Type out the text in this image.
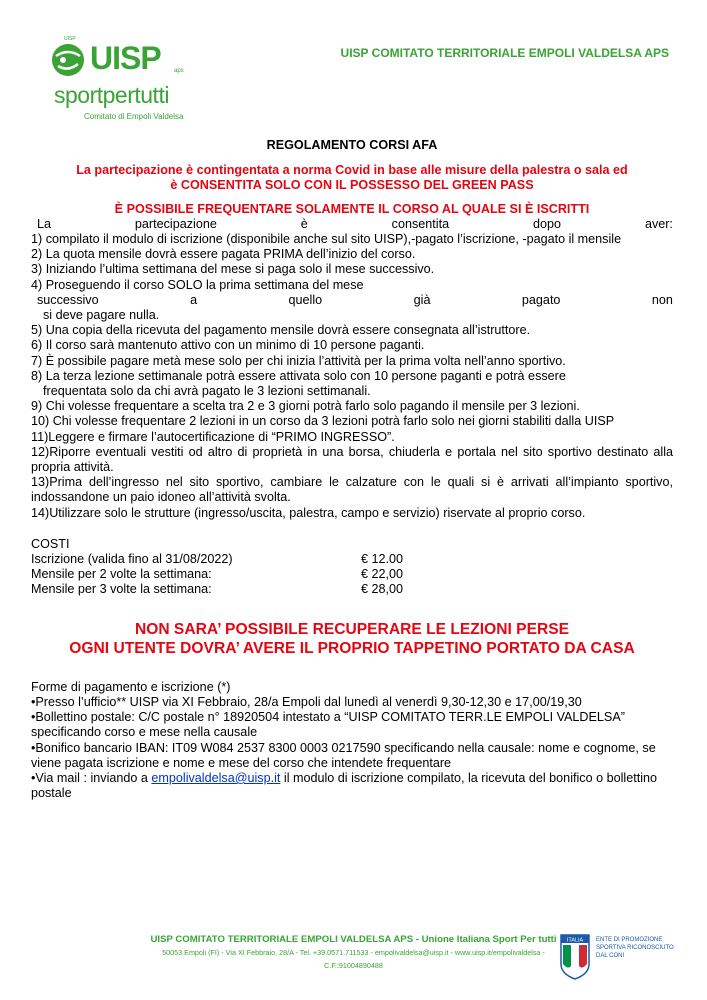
UISP
UISP aps
sportpertutti
Comitato di Empoli Valdelsa
UISP COMITATO TERRITORIALE EMPOLI VALDELSA APS
REGOLAMENTO CORSI AFA
La partecipazione è contingentata a norma Covid in base alle misure della palestra o sala ed
è CONSENTITA SOLO CON IL POSSESSO DEL GREEN PASS
È POSSIBILE FREQUENTARE SOLAMENTE IL CORSO AL QUALE SI È ISCRITTI
La	partecipazione	è	consentita	dopo	aver:
1) compilato il modulo di iscrizione (disponibile anche sul sito UISP),-pagato l’iscrizione, -pagato il mensile
2) La quota mensile dovrà essere pagata PRIMA dell’inizio del corso.
3) Iniziando l’ultima settimana del mese si paga solo il mese successivo.
4) Proseguendo il corso SOLO la prima settimana del mese
successivo	a	quello	già	pagato	non
si deve pagare nulla.
5) Una copia della ricevuta del pagamento mensile dovrà essere consegnata all’istruttore.
6) Il corso sarà mantenuto attivo con un minimo di 10 persone paganti.
7) È possibile pagare metà mese solo per chi inizia l’attività per la prima volta nell’anno sportivo.
8) La terza lezione settimanale potrà essere attivata solo con 10 persone paganti e potrà essere
frequentata solo da chi avrà pagato le 3 lezioni settimanali.
9) Chi volesse frequentare a scelta tra 2 e 3 giorni potrà farlo solo pagando il mensile per 3 lezioni.
10) Chi volesse frequentare 2 lezioni in un corso da 3 lezioni potrà farlo solo nei giorni stabiliti dalla UISP
11)Leggere e firmare l’autocertificazione di “PRIMO INGRESSO”.
12)Riporre eventuali vestiti od altro di proprietà in una borsa, chiuderla e portala nel sito sportivo destinato alla propria attività.
13)Prima dell’ingresso nel sito sportivo, cambiare le calzature con le quali si è arrivati all’impianto sportivo, indossandone un paio idoneo all’attività svolta.
14)Utilizzare solo le strutture (ingresso/uscita, palestra, campo e servizio) riservate al proprio corso.
COSTI
Iscrizione (valida fino al 31/08/2022)	€ 12.00
Mensile per 2 volte la settimana:	€ 22,00
Mensile per 3 volte la settimana:	€ 28,00
NON SARA’ POSSIBILE RECUPERARE LE LEZIONI PERSE
OGNI UTENTE DOVRA’ AVERE IL PROPRIO TAPPETINO PORTATO DA CASA
Forme di pagamento e iscrizione (*)
•Presso l’ufficio** UISP via XI Febbraio, 28/a Empoli dal lunedì al venerdì 9,30-12,30 e 17,00/19,30
•Bollettino postale: C/C postale n° 18920504 intestato a “UISP COMITATO TERR.LE EMPOLI VALDELSA” specificando corso e mese nella causale
•Bonifico bancario IBAN: IT09 W084 2537 8300 0003 0217590 specificando nella causale: nome e cognome, se viene pagata iscrizione e nome e mese del corso che intendete frequentare
•Via mail : inviando a empolivaldelsa@uisp.it il modulo di iscrizione compilato, la ricevuta del bonifico o bollettino postale
UISP COMITATO TERRITORIALE EMPOLI VALDELSA APS - Unione Italiana Sport Per tutti
50053 Empoli (FI) - Via XI Febbraio, 28/A - Tel. +39.0571.711533 - empolivaldelsa@uisp.it - www.uisp.it/empolivaldelsa -
C.F.:91004890488
ITALIA ENTE DI PROMOZIONE SPORTIVA RICONOSCIUTO DAL CONI
